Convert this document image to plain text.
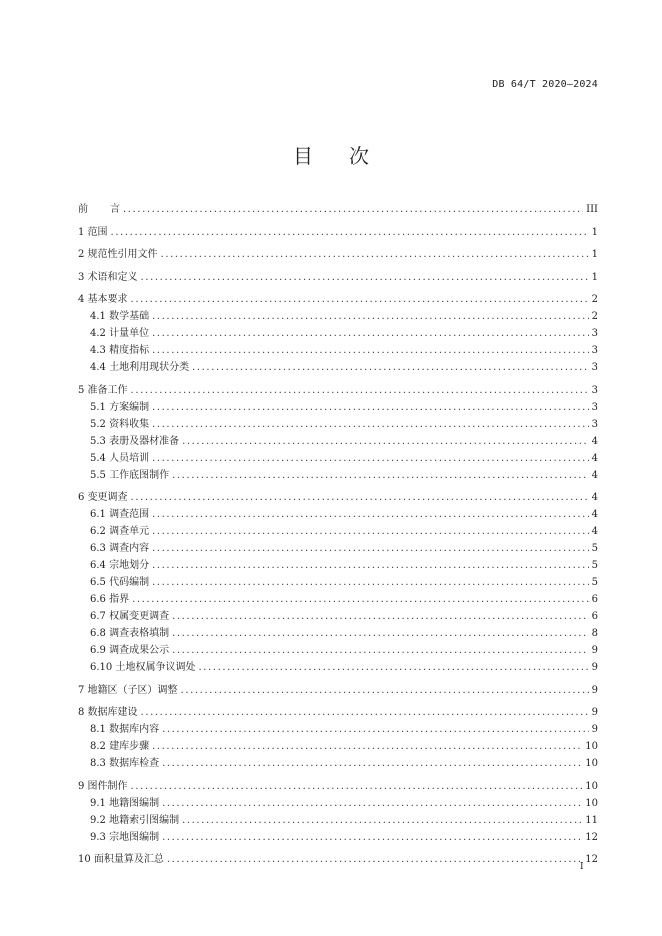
DB 64/T 2020—2024
目 次
前 言 .....	III
1 范围 .....	1
2 规范性引用文件 .....	1
3 术语和定义 .....	1
4 基本要求 .....	2
4.1 数学基础 .....	2
4.2 计量单位 .....	3
4.3 精度指标 .....	3
4.4 土地利用现状分类 .....	3
5 准备工作 .....	3
5.1 方案编制 .....	3
5.2 资料收集 .....	3
5.3 表册及器材准备 .....	4
5.4 人员培训 .....	4
5.5 工作底图制作 .....	4
6 变更调查 .....	4
6.1 调查范围 .....	4
6.2 调查单元 .....	4
6.3 调查内容 .....	5
6.4 宗地划分 .....	5
6.5 代码编制 .....	5
6.6 指界 .....	6
6.7 权属变更调查 .....	6
6.8 调查表格填制 .....	8
6.9 调查成果公示 .....	9
6.10 土地权属争议调处 .....	9
7 地籍区（子区）调整 .....	9
8 数据库建设 .....	9
8.1 数据库内容 .....	9
8.2 建库步骤 .....	10
8.3 数据库检查 .....	10
9 图件制作 .....	10
9.1 地籍图编制 .....	10
9.2 地籍索引图编制 .....	11
9.3 宗地图编制 .....	12
10 面积量算及汇总 .....	12
I
